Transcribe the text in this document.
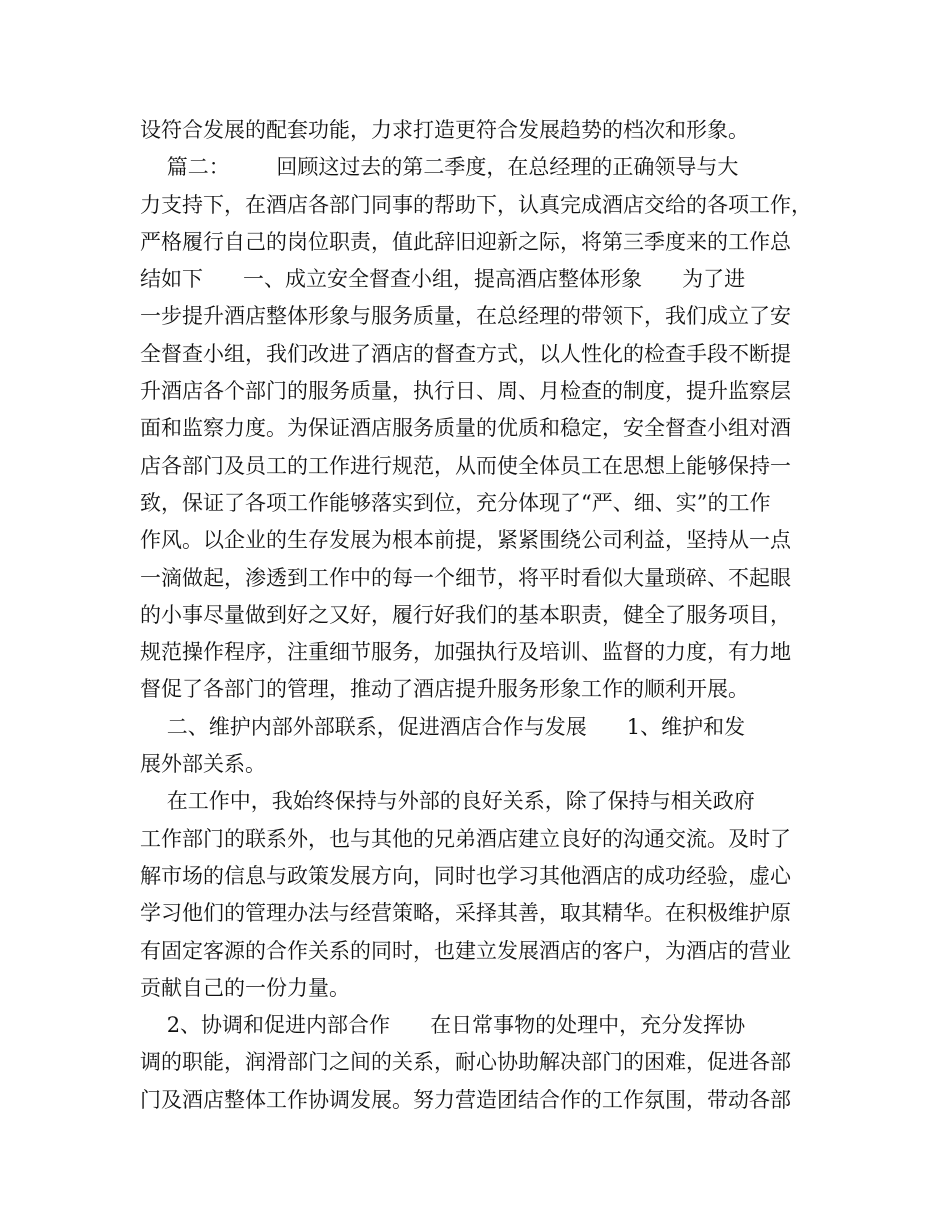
设符合发展的配套功能，力求打造更符合发展趋势的档次和形象。
篇二：       回顾这过去的第二季度，在总经理的正确领导与大
力支持下，在酒店各部门同事的帮助下，认真完成酒店交给的各项工作，
严格履行自己的岗位职责，值此辞旧迎新之际，将第三季度来的工作总
结如下      一、成立安全督查小组，提高酒店整体形象      为了进
一步提升酒店整体形象与服务质量，在总经理的带领下，我们成立了安
全督查小组，我们改进了酒店的督查方式，以人性化的检查手段不断提
升酒店各个部门的服务质量，执行日、周、月检查的制度，提升监察层
面和监察力度。为保证酒店服务质量的优质和稳定，安全督查小组对酒
店各部门及员工的工作进行规范，从而使全体员工在思想上能够保持一
致，保证了各项工作能够落实到位，充分体现了“严、细、实”的工作
作风。以企业的生存发展为根本前提，紧紧围绕公司利益，坚持从一点
一滴做起，渗透到工作中的每一个细节，将平时看似大量琐碎、不起眼
的小事尽量做到好之又好，履行好我们的基本职责，健全了服务项目，
规范操作程序，注重细节服务，加强执行及培训、监督的力度，有力地
督促了各部门的管理，推动了酒店提升服务形象工作的顺利开展。
二、维护内部外部联系，促进酒店合作与发展      1、维护和发
展外部关系。
在工作中，我始终保持与外部的良好关系，除了保持与相关政府
工作部门的联系外，也与其他的兄弟酒店建立良好的沟通交流。及时了
解市场的信息与政策发展方向，同时也学习其他酒店的成功经验，虚心
学习他们的管理办法与经营策略，采择其善，取其精华。在积极维护原
有固定客源的合作关系的同时，也建立发展酒店的客户，为酒店的营业
贡献自己的一份力量。
2、协调和促进内部合作      在日常事物的处理中，充分发挥协
调的职能，润滑部门之间的关系，耐心协助解决部门的困难，促进各部
门及酒店整体工作协调发展。努力营造团结合作的工作氛围，带动各部
